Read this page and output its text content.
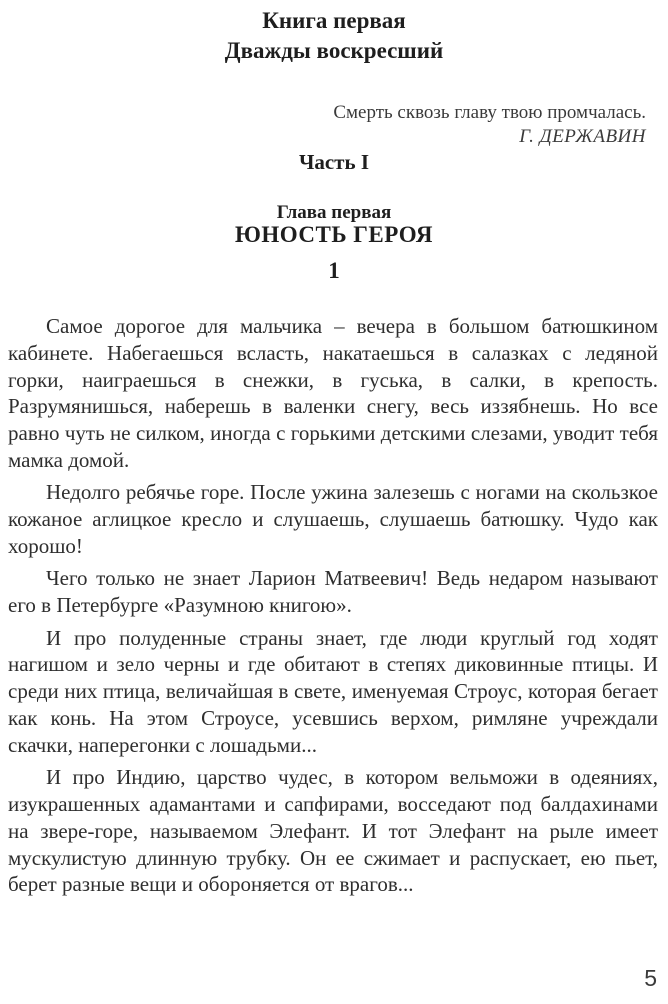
Книга первая
Дважды воскресший
Смерть сквозь главу твою промчалась.
Г. ДЕРЖАВИН
Часть I
Глава первая
ЮНОСТЬ ГЕРОЯ
1

Самое дорогое для мальчика – вечера в большом батюшкином кабинете. Набегаешься всласть, накатаешься в салазках с ледяной горки, наиграешься в снежки, в гуська, в салки, в крепость. Разрумянишься, наберешь в валенки снегу, весь иззябнешь. Но все равно чуть не силком, иногда с горькими детскими слезами, уводит тебя мамка домой.

Недолго ребячье горе. После ужина залезешь с ногами на скользкое кожаное аглицкое кресло и слушаешь, слушаешь батюшку. Чудо как хорошо!

Чего только не знает Ларион Матвеевич! Ведь недаром называют его в Петербурге «Разумною книгою».

И про полуденные страны знает, где люди круглый год ходят нагишом и зело черны и где обитают в степях диковинные птицы. И среди них птица, величайшая в свете, именуемая Строус, которая бегает как конь. На этом Строусе, усевшись верхом, римляне учреждали скачки, наперегонки с лошадьми...

И про Индию, царство чудес, в котором вельможи в одеяниях, изукрашенных адамантами и сапфирами, восседают под балдахинами на звере-горе, называемом Элефант. И тот Элефант на рыле имеет мускулистую длинную трубку. Он ее сжимает и распускает, ею пьет, берет разные вещи и обороняется от врагов...

5
